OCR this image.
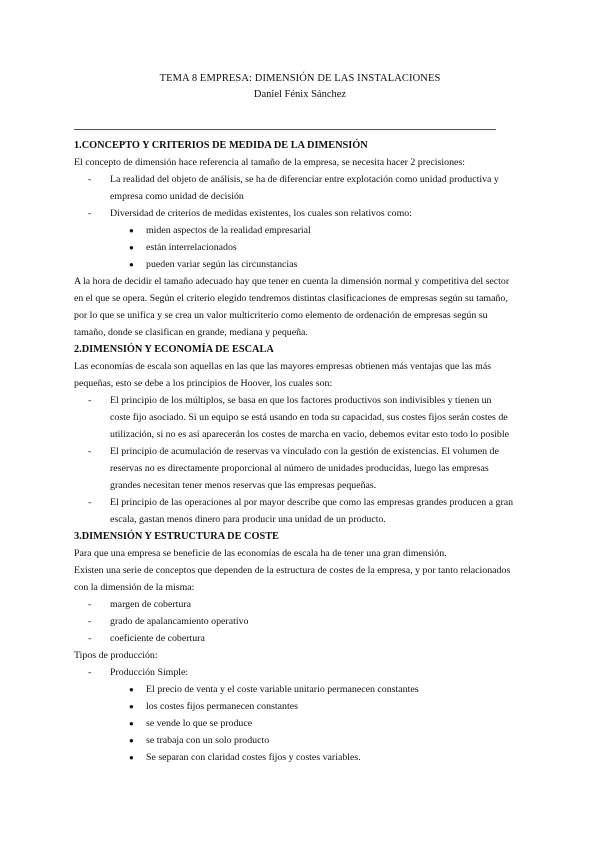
TEMA 8 EMPRESA: DIMENSIÓN DE LAS INSTALACIONES
Daniel Fénix Sánchez
1.CONCEPTO Y CRITERIOS DE MEDIDA DE LA DIMENSIÓN
El concepto de dimensión hace referencia al tamaño de la empresa, se necesita hacer 2 precisiones:
- La realidad del objeto de análisis, se ha de diferenciar entre explotación como unidad productiva y empresa como unidad de decisión
- Diversidad de criterios de medidas existentes, los cuales son relativos como:
● miden aspectos de la realidad empresarial
● están interrelacionados
● pueden variar según las circunstancias
A la hora de decidir el tamaño adecuado hay que tener en cuenta la dimensión normal y competitiva del sector en el que se opera. Según el criterio elegido tendremos distintas clasificaciones de empresas según su tamaño, por lo que se unifica y se crea un valor multicriterio como elemento de ordenación de empresas según su tamaño, donde se clasifican en grande, mediana y pequeña.
2.DIMENSIÓN Y ECONOMÍA DE ESCALA
Las economías de escala son aquellas en las que las mayores empresas obtienen más ventajas que las más pequeñas, esto se debe a los principios de Hoover, los cuales son:
- El principio de los múltiplos, se basa en que los factores productivos son indivisibles y tienen un coste fijo asociado. Si un equipo se está usando en toda su capacidad, sus costes fijos serán costes de utilización, si no es así aparecerán los costes de marcha en vacío, debemos evitar esto todo lo posible
- El principio de acumulación de reservas va vinculado con la gestión de existencias. El volumen de reservas no es directamente proporcional al número de unidades producidas, luego las empresas grandes necesitan tener menos reservas que las empresas pequeñas.
- El principio de las operaciones al por mayor describe que como las empresas grandes producen a gran escala, gastan menos dinero para producir una unidad de un producto.
3.DIMENSIÓN Y ESTRUCTURA DE COSTE
Para que una empresa se beneficie de las economías de escala ha de tener una gran dimensión.
Existen una serie de conceptos que dependen de la estructura de costes de la empresa, y por tanto relacionados con la dimensión de la misma:
- margen de cobertura
- grado de apalancamiento operativo
- coeficiente de cobertura
Tipos de producción:
- Producción Simple:
● El precio de venta y el coste variable unitario permanecen constantes
● los costes fijos permanecen constantes
● se vende lo que se produce
● se trabaja con un solo producto
● Se separan con claridad costes fijos y costes variables.
